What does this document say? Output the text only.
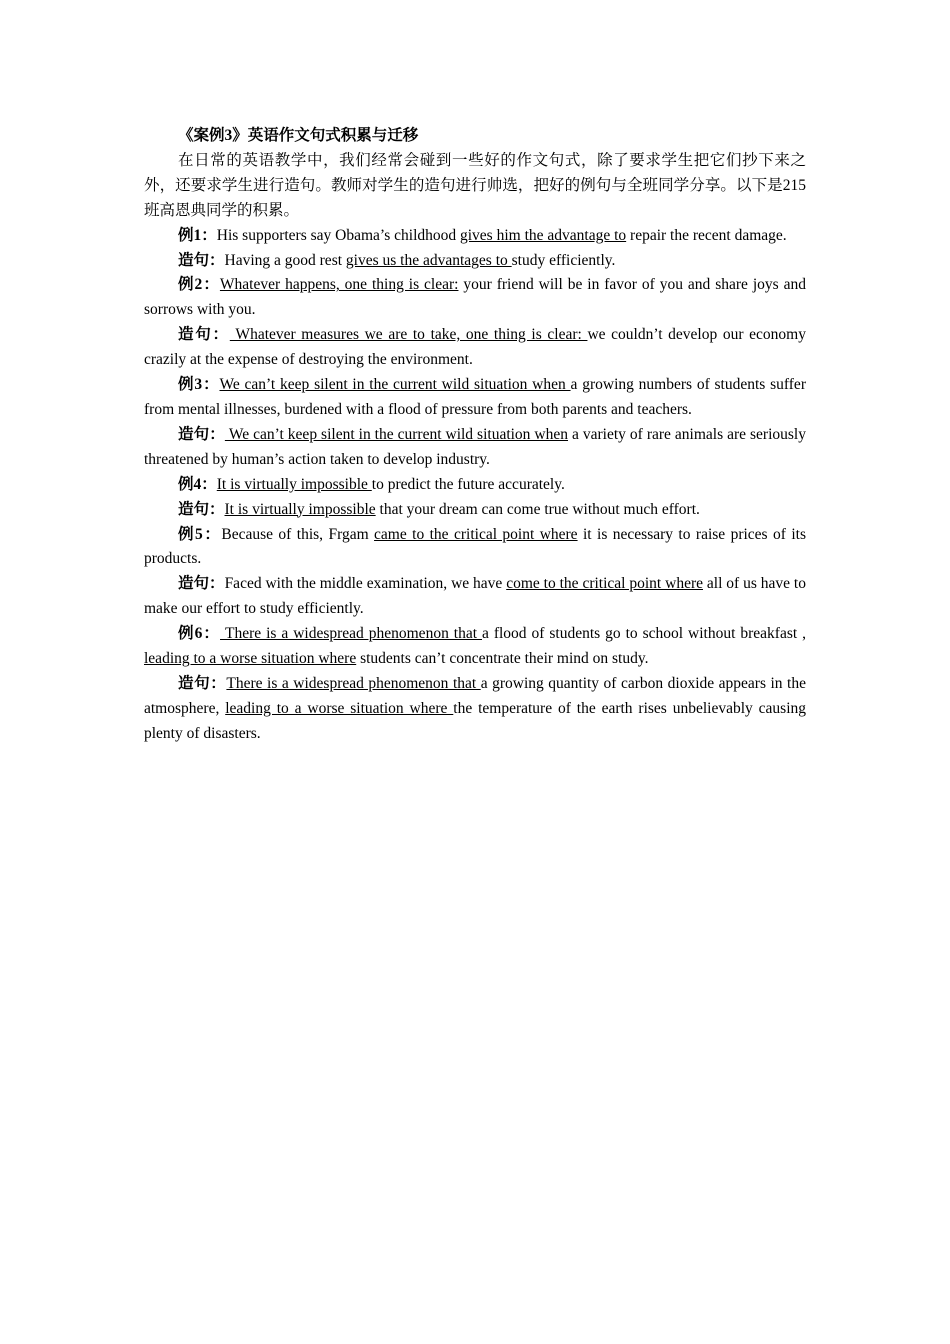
《案例3》英语作文句式积累与迁移

在日常的英语教学中，我们经常会碰到一些好的作文句式，除了要求学生把它们抄下来之外，还要求学生进行造句。教师对学生的造句进行帅选，把好的例句与全班同学分享。以下是215班高恩典同学的积累。

例1：His supporters say Obama’s childhood gives him the advantage to repair the recent damage.

造句：Having a good rest gives us the advantages to study efficiently.

例2：Whatever happens, one thing is clear: your friend will be in favor of you and share joys and sorrows with you.

造句： Whatever measures we are to take, one thing is clear: we couldn’t develop our economy crazily at the expense of destroying the environment.

例3：We can’t keep silent in the current wild situation when a growing numbers of students suffer from mental illnesses, burdened with a flood of pressure from both parents and teachers.

造句： We can’t keep silent in the current wild situation when a variety of rare animals are seriously threatened by human’s action taken to develop industry.

例4：It is virtually impossible to predict the future accurately.

造句：It is virtually impossible that your dream can come true without much effort.

例5：Because of this, Frgam came to the critical point where it is necessary to raise prices of its products.

造句：Faced with the middle examination, we have come to the critical point where all of us have to make our effort to study efficiently.

例6： There is a widespread phenomenon that a flood of students go to school without breakfast , leading to a worse situation where students can’t concentrate their mind on study.

造句：There is a widespread phenomenon that a growing quantity of carbon dioxide appears in the atmosphere, leading to a worse situation where the temperature of the earth rises unbelievably causing plenty of disasters.
